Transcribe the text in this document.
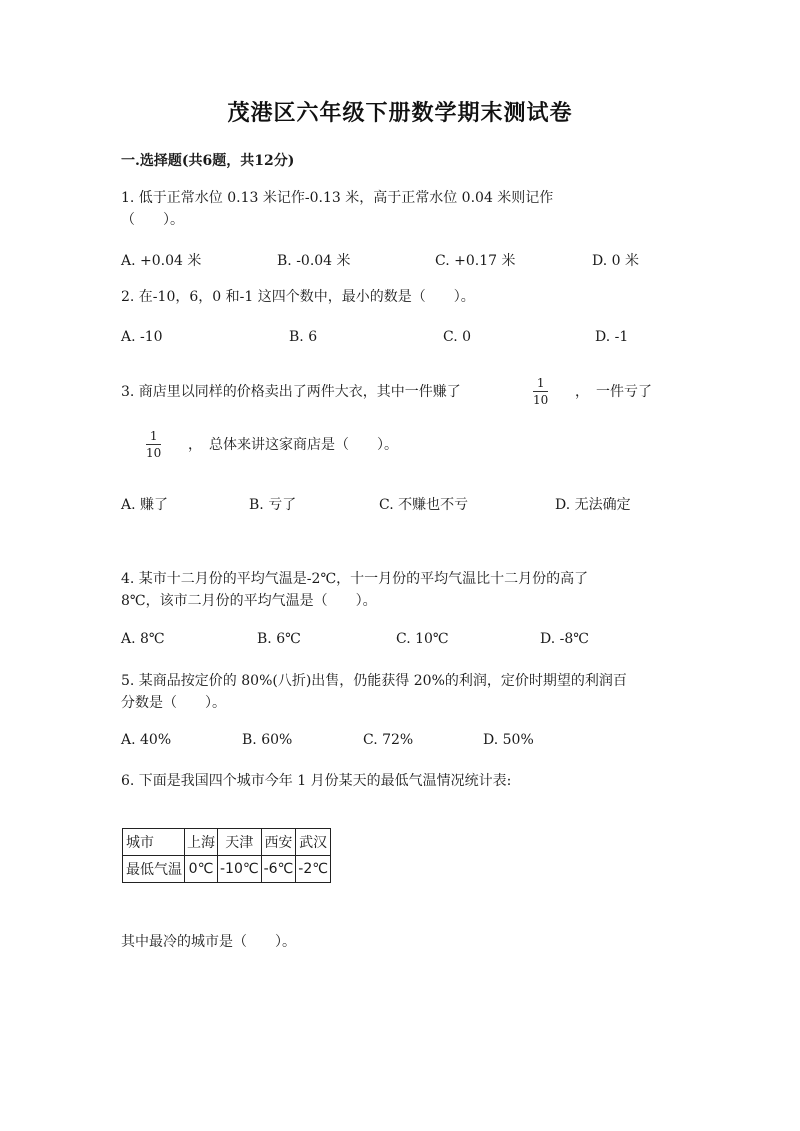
茂港区六年级下册数学期末测试卷
一.选择题(共6题，共12分)
1. 低于正常水位 0.13 米记作-0.13 米，高于正常水位 0.04 米则记作
（　　）。
A. +0.04 米	B. -0.04 米	C. +0.17 米	D. 0 米
2. 在-10，6，0 和-1 这四个数中，最小的数是（　　）。
A. -10	B. 6	C. 0	D. -1
3. 商店里以同样的价格卖出了两件大衣，其中一件赚了
1
10 ，　一件亏了
1
10 ，　总体来讲这家商店是（　　）。
A. 赚了	B. 亏了	C. 不赚也不亏	D. 无法确定
4. 某市十二月份的平均气温是-2℃，十一月份的平均气温比十二月份的高了
8℃，该市二月份的平均气温是（　　）。
A. 8℃	B. 6℃	C. 10℃	D. -8℃
5. 某商品按定价的 80%(八折)出售，仍能获得 20%的利润，定价时期望的利润百
分数是（　　）。
A. 40%	B. 60%	C. 72%	D. 50%
6. 下面是我国四个城市今年 1 月份某天的最低气温情况统计表:
城市	上海	天津	西安	武汉
最低气温	0℃	-10℃	-6℃	-2℃
其中最冷的城市是（　　）。
